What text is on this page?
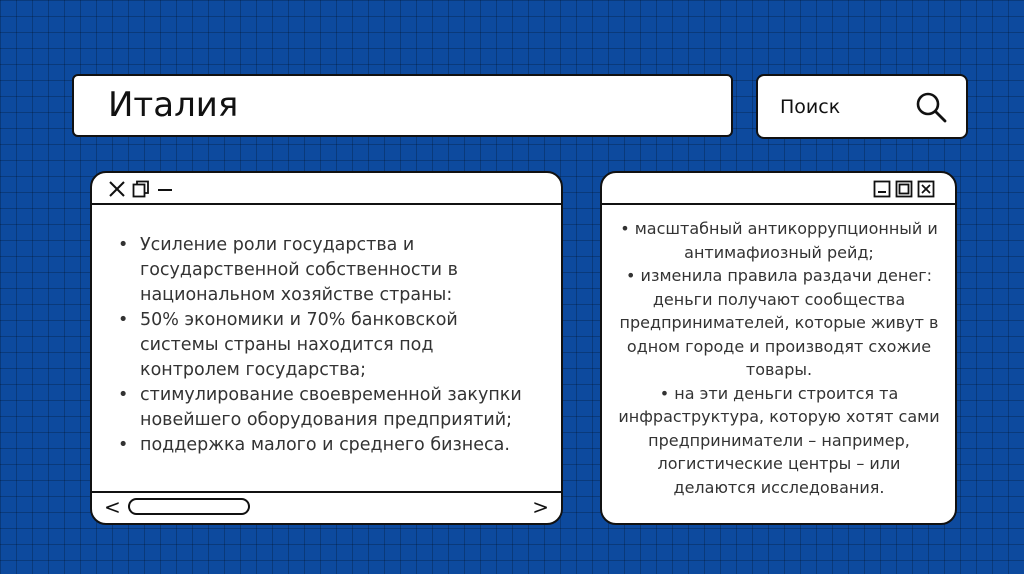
Италия	Поиск
• Усиление роли государства и государственной собственности в национальном хозяйстве страны:
• 50% экономики и 70% банковской системы страны находится под контролем государства;
• стимулирование своевременной закупки новейшего оборудования предприятий;
• поддержка малого и среднего бизнеса.
<	>
• масштабный антикоррупционный и антимафиозный рейд;
• изменила правила раздачи денег: деньги получают сообщества предпринимателей, которые живут в одном городе и производят схожие товары.
• на эти деньги строится та инфраструктура, которую хотят сами предприниматели – например, логистические центры – или делаются исследования.
